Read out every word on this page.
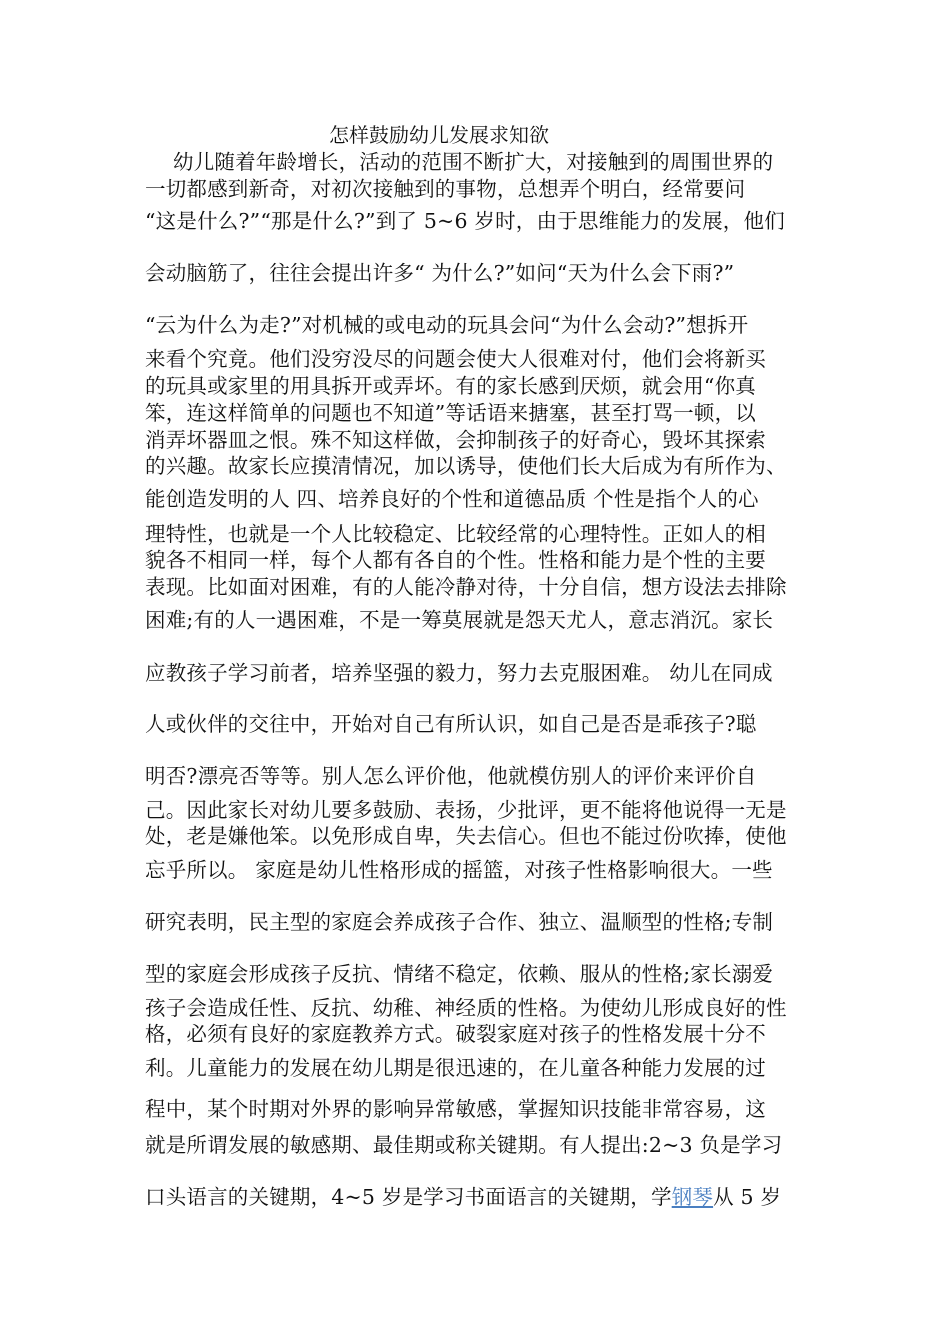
怎样鼓励幼儿发展求知欲
幼儿随着年龄增长，活动的范围不断扩大，对接触到的周围世界的
一切都感到新奇，对初次接触到的事物，总想弄个明白，经常要问
“这是什么?”“那是什么?”到了 5~6 岁时，由于思维能力的发展，他们
会动脑筋了，往往会提出许多“ 为什么?”如问“天为什么会下雨?”
“云为什么为走?”对机械的或电动的玩具会问“为什么会动?”想拆开
来看个究竟。他们没穷没尽的问题会使大人很难对付，他们会将新买
的玩具或家里的用具拆开或弄坏。有的家长感到厌烦，就会用“你真
笨，连这样简单的问题也不知道”等话语来搪塞，甚至打骂一顿，以
消弄坏器皿之恨。殊不知这样做，会抑制孩子的好奇心，毁坏其探索
的兴趣。故家长应摸清情况，加以诱导，使他们长大后成为有所作为、
能创造发明的人 四、培养良好的个性和道德品质 个性是指个人的心
理特性，也就是一个人比较稳定、比较经常的心理特性。正如人的相
貌各不相同一样，每个人都有各自的个性。性格和能力是个性的主要
表现。比如面对困难，有的人能冷静对待，十分自信，想方设法去排除
困难;有的人一遇困难，不是一筹莫展就是怨天尤人，意志消沉。家长
应教孩子学习前者，培养坚强的毅力，努力去克服困难。 幼儿在同成
人或伙伴的交往中，开始对自己有所认识，如自己是否是乖孩子?聪
明否?漂亮否等等。别人怎么评价他，他就模仿别人的评价来评价自
己。因此家长对幼儿要多鼓励、表扬，少批评，更不能将他说得一无是
处，老是嫌他笨。以免形成自卑，失去信心。但也不能过份吹捧，使他
忘乎所以。 家庭是幼儿性格形成的摇篮，对孩子性格影响很大。一些
研究表明，民主型的家庭会养成孩子合作、独立、温顺型的性格;专制
型的家庭会形成孩子反抗、情绪不稳定，依赖、服从的性格;家长溺爱
孩子会造成任性、反抗、幼稚、神经质的性格。为使幼儿形成良好的性
格，必须有良好的家庭教养方式。破裂家庭对孩子的性格发展十分不
利。儿童能力的发展在幼儿期是很迅速的，在儿童各种能力发展的过
程中，某个时期对外界的影响异常敏感，掌握知识技能非常容易，这
就是所谓发展的敏感期、最佳期或称关键期。有人提出:2~3 负是学习
口头语言的关键期，4~5 岁是学习书面语言的关键期，学钢琴从 5 岁
